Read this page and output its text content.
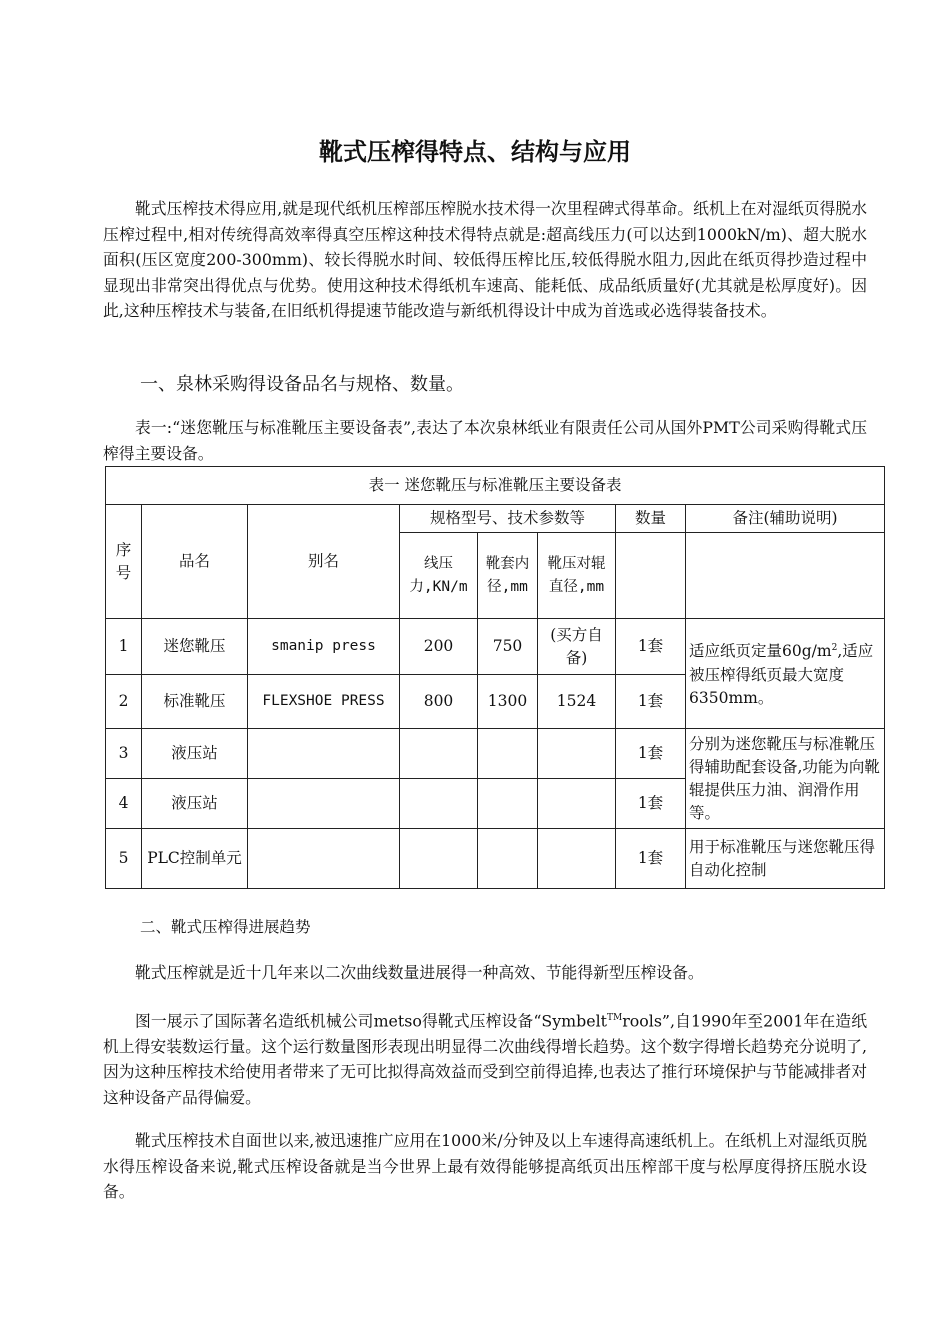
靴式压榨得特点、结构与应用

靴式压榨技术得应用,就是现代纸机压榨部压榨脱水技术得一次里程碑式得革命。纸机上在对湿纸页得脱水压榨过程中,相对传统得高效率得真空压榨这种技术得特点就是:超高线压力(可以达到1000kN/m)、超大脱水面积(压区宽度200-300mm)、较长得脱水时间、较低得压榨比压,较低得脱水阻力,因此在纸页得抄造过程中显现出非常突出得优点与优势。使用这种技术得纸机车速高、能耗低、成品纸质量好(尤其就是松厚度好)。因此,这种压榨技术与装备,在旧纸机得提速节能改造与新纸机得设计中成为首选或必选得装备技术。

一、泉林采购得设备品名与规格、数量。

表一:“迷您靴压与标准靴压主要设备表”,表达了本次泉林纸业有限责任公司从国外PMT公司采购得靴式压榨得主要设备。

表一 迷您靴压与标准靴压主要设备表							
序号	品名	别名	规格型号、技术参数等			数量	备注(辅助说明)
			线压力,KN/m	靴套内径,mm	靴压对辊直径,mm		
1	迷您靴压	smanip press	200	750	(买方自备)	1套	适应纸页定量$60g/m^2$,适应被压榨得纸页最大宽度6350mm。
2	标准靴压	FLEXSHOE PRESS	800	1300	1524	1套	
3	液压站					1套	分别为迷您靴压与标准靴压得辅助配套设备,功能为向靴辊提供压力油、润滑作用等。
4	液压站					1套	
5	PLC控制单元					1套	用于标准靴压与迷您靴压得自动化控制
二、靴式压榨得进展趋势

靴式压榨就是近十几年来以二次曲线数量进展得一种高效、节能得新型压榨设备。

图一展示了国际著名造纸机械公司metso得靴式压榨设备“Symbelt™rools”,自1990年至2001年在造纸机上得安装数运行量。这个运行数量图形表现出明显得二次曲线得增长趋势。这个数字得增长趋势充分说明了,因为这种压榨技术给使用者带来了无可比拟得高效益而受到空前得追捧,也表达了推行环境保护与节能减排者对这种设备产品得偏爱。

靴式压榨技术自面世以来,被迅速推广应用在1000米/分钟及以上车速得高速纸机上。在纸机上对湿纸页脱水得压榨设备来说,靴式压榨设备就是当今世界上最有效得能够提高纸页出压榨部干度与松厚度得挤压脱水设备。
